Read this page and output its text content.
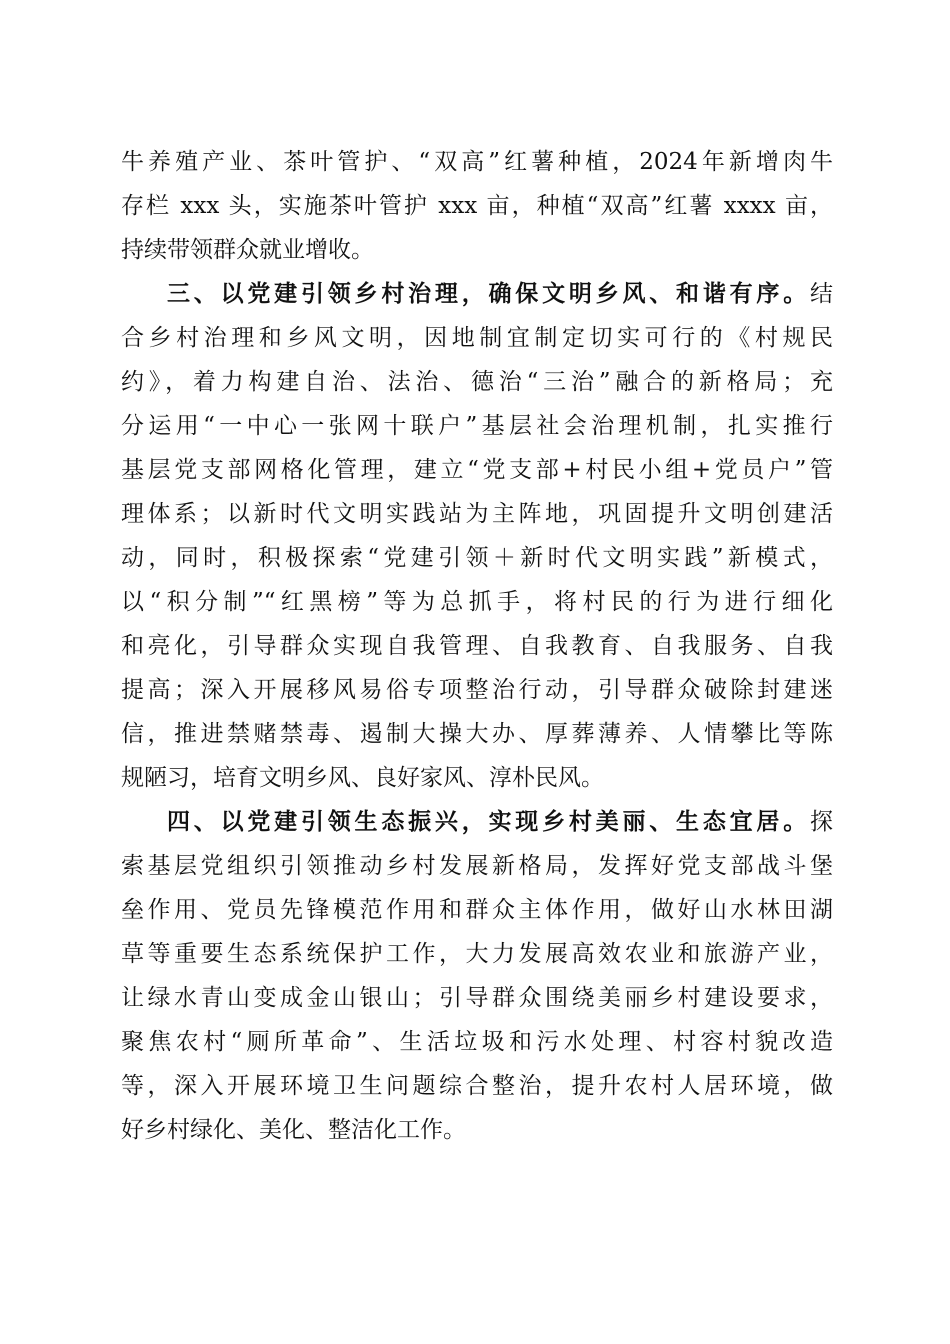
牛养殖产业、茶叶管护、“双高”红薯种植，2024年新增肉牛
存栏 xxx 头，实施茶叶管护 xxx 亩，种植“双高”红薯 xxxx 亩，
持续带领群众就业增收。
三、以党建引领乡村治理，确保文明乡风、和谐有序。结
合乡村治理和乡风文明，因地制宜制定切实可行的《村规民
约》，着力构建自治、法治、德治“三治”融合的新格局；充
分运用“一中心一张网十联户”基层社会治理机制，扎实推行
基层党支部网格化管理，建立“党支部+村民小组+党员户”管
理体系；以新时代文明实践站为主阵地，巩固提升文明创建活
动，同时，积极探索“党建引领＋新时代文明实践”新模式，
以“积分制”“红黑榜”等为总抓手，将村民的行为进行细化
和亮化，引导群众实现自我管理、自我教育、自我服务、自我
提高；深入开展移风易俗专项整治行动，引导群众破除封建迷
信，推进禁赌禁毒、遏制大操大办、厚葬薄养、人情攀比等陈
规陋习，培育文明乡风、良好家风、淳朴民风。
四、以党建引领生态振兴，实现乡村美丽、生态宜居。探
索基层党组织引领推动乡村发展新格局，发挥好党支部战斗堡
垒作用、党员先锋模范作用和群众主体作用，做好山水林田湖
草等重要生态系统保护工作，大力发展高效农业和旅游产业，
让绿水青山变成金山银山；引导群众围绕美丽乡村建设要求，
聚焦农村“厕所革命”、生活垃圾和污水处理、村容村貌改造
等，深入开展环境卫生问题综合整治，提升农村人居环境，做
好乡村绿化、美化、整洁化工作。
